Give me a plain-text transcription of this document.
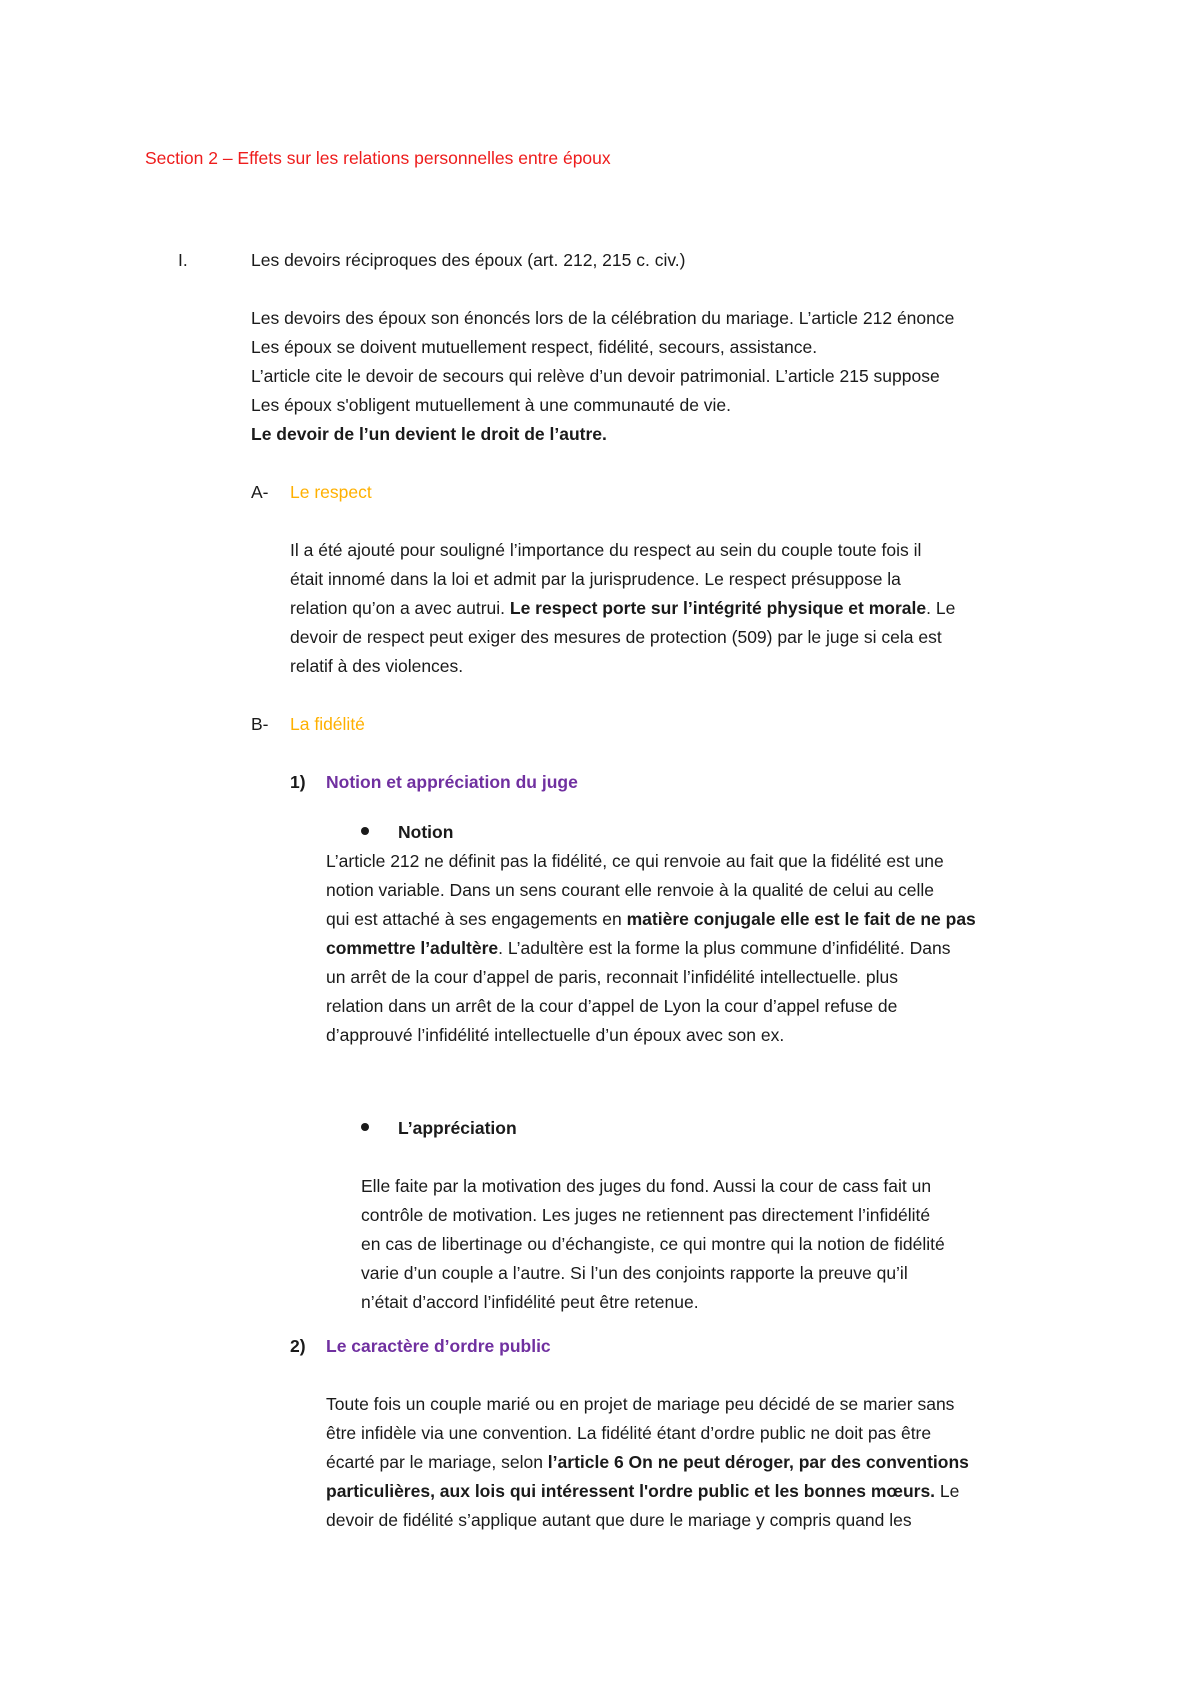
Section 2 – Effets sur les relations personnelles entre époux
I.	Les devoirs réciproques des époux (art. 212, 215 c. civ.)
Les devoirs des époux son énoncés lors de la célébration du mariage. L’article 212 énonce
Les époux se doivent mutuellement respect, fidélité, secours, assistance.
L’article cite le devoir de secours qui relève d’un devoir patrimonial. L’article 215 suppose
Les époux s'obligent mutuellement à une communauté de vie.
Le devoir de l’un devient le droit de l’autre.
A- Le respect
Il a été ajouté pour souligné l’importance du respect au sein du couple toute fois il
était innomé dans la loi et admit par la jurisprudence. Le respect présuppose la
relation qu’on a avec autrui. Le respect porte sur l’intégrité physique et morale. Le
devoir de respect peut exiger des mesures de protection (509) par le juge si cela est
relatif à des violences.
B- La fidélité
1) Notion et appréciation du juge
Notion
L’article 212 ne définit pas la fidélité, ce qui renvoie au fait que la fidélité est une
notion variable. Dans un sens courant elle renvoie à la qualité de celui au celle
qui est attaché à ses engagements en matière conjugale elle est le fait de ne pas
commettre l’adultère. L’adultère est la forme la plus commune d’infidélité. Dans
un arrêt de la cour d’appel de paris, reconnait l’infidélité intellectuelle. plus
relation dans un arrêt de la cour d’appel de Lyon la cour d’appel refuse de
d’approuvé l’infidélité intellectuelle d’un époux avec son ex.
L’appréciation
Elle faite par la motivation des juges du fond. Aussi la cour de cass fait un
contrôle de motivation. Les juges ne retiennent pas directement l’infidélité
en cas de libertinage ou d’échangiste, ce qui montre qui la notion de fidélité
varie d’un couple a l’autre. Si l’un des conjoints rapporte la preuve qu’il
n’était d’accord l’infidélité peut être retenue.
2) Le caractère d’ordre public
Toute fois un couple marié ou en projet de mariage peu décidé de se marier sans
être infidèle via une convention. La fidélité étant d’ordre public ne doit pas être
écarté par le mariage, selon l’article 6 On ne peut déroger, par des conventions
particulières, aux lois qui intéressent l'ordre public et les bonnes mœurs. Le
devoir de fidélité s’applique autant que dure le mariage y compris quand les
